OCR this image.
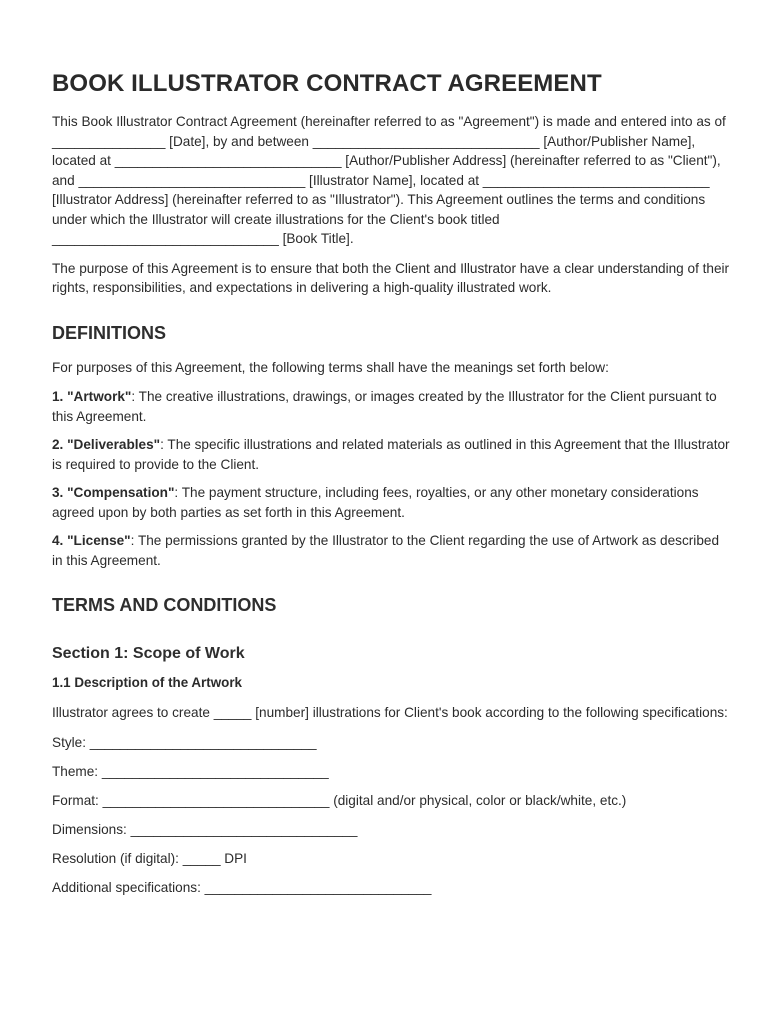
BOOK ILLUSTRATOR CONTRACT AGREEMENT

This Book Illustrator Contract Agreement (hereinafter referred to as "Agreement") is made and entered into as of _______________ [Date], by and between ______________________________ [Author/Publisher Name], located at ______________________________ [Author/Publisher Address] (hereinafter referred to as "Client"), and ______________________________ [Illustrator Name], located at ______________________________ [Illustrator Address] (hereinafter referred to as "Illustrator"). This Agreement outlines the terms and conditions under which the Illustrator will create illustrations for the Client's book titled ______________________________ [Book Title].

The purpose of this Agreement is to ensure that both the Client and Illustrator have a clear understanding of their rights, responsibilities, and expectations in delivering a high-quality illustrated work.

DEFINITIONS

For purposes of this Agreement, the following terms shall have the meanings set forth below:

1. "Artwork": The creative illustrations, drawings, or images created by the Illustrator for the Client pursuant to this Agreement.

2. "Deliverables": The specific illustrations and related materials as outlined in this Agreement that the Illustrator is required to provide to the Client.

3. "Compensation": The payment structure, including fees, royalties, or any other monetary considerations agreed upon by both parties as set forth in this Agreement.

4. "License": The permissions granted by the Illustrator to the Client regarding the use of Artwork as described in this Agreement.

TERMS AND CONDITIONS
Section 1: Scope of Work
1.1 Description of the Artwork

Illustrator agrees to create _____ [number] illustrations for Client's book according to the following specifications:

Style: ______________________________

Theme: ______________________________

Format: ______________________________ (digital and/or physical, color or black/white, etc.)

Dimensions: ______________________________

Resolution (if digital): _____ DPI

Additional specifications: ______________________________
